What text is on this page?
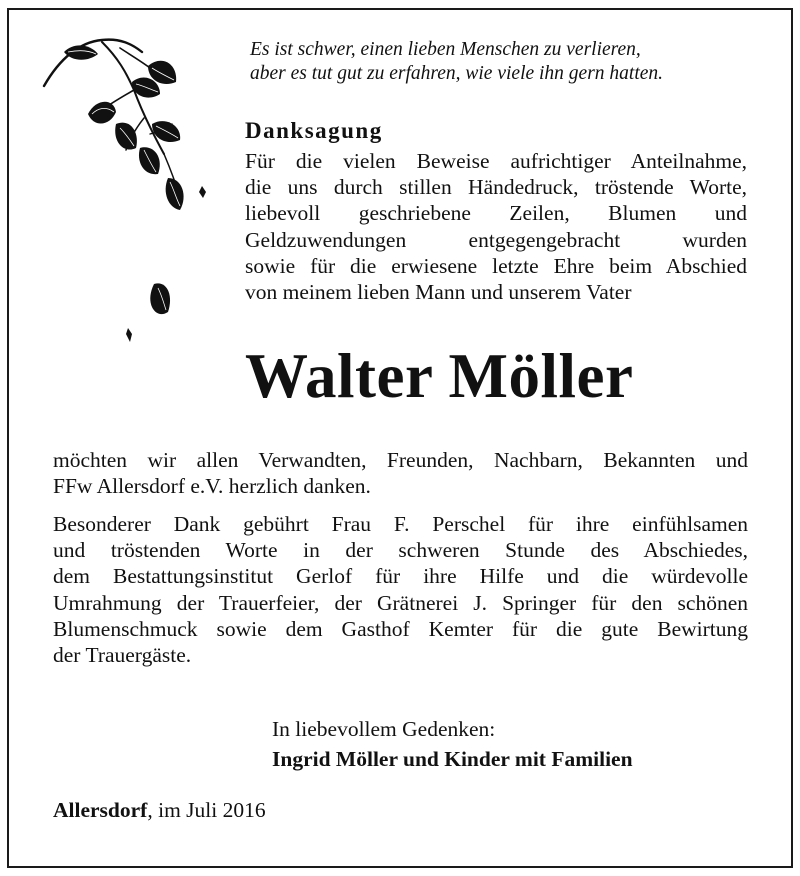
Es ist schwer, einen lieben Menschen zu verlieren,
aber es tut gut zu erfahren, wie viele ihn gern hatten.
Danksagung
Für die vielen Beweise aufrichtiger Anteilnahme,
die uns durch stillen Händedruck, tröstende Worte,
liebevoll geschriebene Zeilen, Blumen und
Geldzuwendungen entgegengebracht wurden
sowie für die erwiesene letzte Ehre beim Abschied
von meinem lieben Mann und unserem Vater
Walter Möller
möchten wir allen Verwandten, Freunden, Nachbarn, Bekannten und
FFw Allersdorf e.V. herzlich danken.
Besonderer Dank gebührt Frau F. Perschel für ihre einfühlsamen
und tröstenden Worte in der schweren Stunde des Abschiedes,
dem Bestattungsinstitut Gerlof für ihre Hilfe und die würdevolle
Umrahmung der Trauerfeier, der Grätnerei J. Springer für den schönen
Blumenschmuck sowie dem Gasthof Kemter für die gute Bewirtung
der Trauergäste.
In liebevollem Gedenken:
Ingrid Möller und Kinder mit Familien
Allersdorf, im Juli 2016
